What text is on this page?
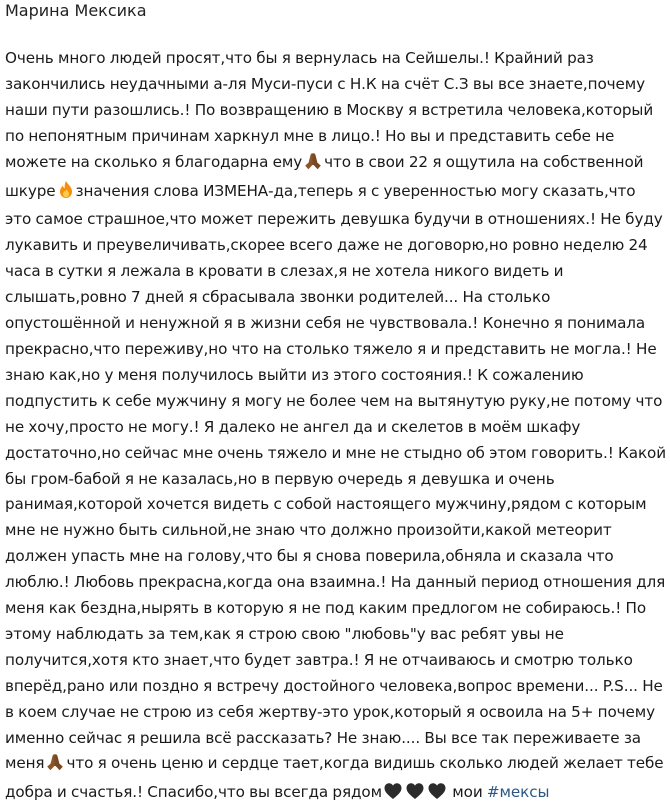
Марина Мексика
Очень много людей просят,что бы я вернулась на Сейшелы.! Крайний раз
закончились неудачными а-ля Муси-пуси с Н.К на счёт С.З вы все знаете,почему
наши пути разошлись.! По возвращению в Москву я встретила человека,который
по непонятным причинам харкнул мне в лицо.! Но вы и представить себе не
можете на сколько я благодарна ему что в свои 22 я ощутила на собственной
шкуре значения слова ИЗМЕНА-да,теперь я с уверенностью могу сказать,что
это самое страшное,что может пережить девушка будучи в отношениях.! Не буду
лукавить и преувеличивать,скорее всего даже не договорю,но ровно неделю 24
часа в сутки я лежала в кровати в слезах,я не хотела никого видеть и
слышать,ровно 7 дней я сбрасывала звонки родителей... На столько
опустошённой и ненужной я в жизни себя не чувствовала.! Конечно я понимала
прекрасно,что переживу,но что на столько тяжело я и представить не могла.! Не
знаю как,но у меня получилось выйти из этого состояния.! К сожалению
подпустить к себе мужчину я могу не более чем на вытянутую руку,не потому что
не хочу,просто не могу.! Я далеко не ангел да и скелетов в моём шкафу
достаточно,но сейчас мне очень тяжело и мне не стыдно об этом говорить.! Какой
бы гром-бабой я не казалась,но в первую очередь я девушка и очень
ранимая,которой хочется видеть с собой настоящего мужчину,рядом с которым
мне не нужно быть сильной,не знаю что должно произойти,какой метеорит
должен упасть мне на голову,что бы я снова поверила,обняла и сказала что
люблю.! Любовь прекрасна,когда она взаимна.! На данный период отношения для
меня как бездна,нырять в которую я не под каким предлогом не собираюсь.! По
этому наблюдать за тем,как я строю свою "любовь"у вас ребят увы не
получится,хотя кто знает,что будет завтра.! Я не отчаиваюсь и смотрю только
вперёд,рано или поздно я встречу достойного человека,вопрос времени... P.S... Не
в коем случае не строю из себя жертву-это урок,который я освоила на 5+ почему
именно сейчас я решила всё рассказать? Не знаю.... Вы все так переживаете за
меня что я очень ценю и сердце тает,когда видишь сколько людей желает тебе
добра и счастья.! Спасибо,что вы всегда рядом	мои #мексы
